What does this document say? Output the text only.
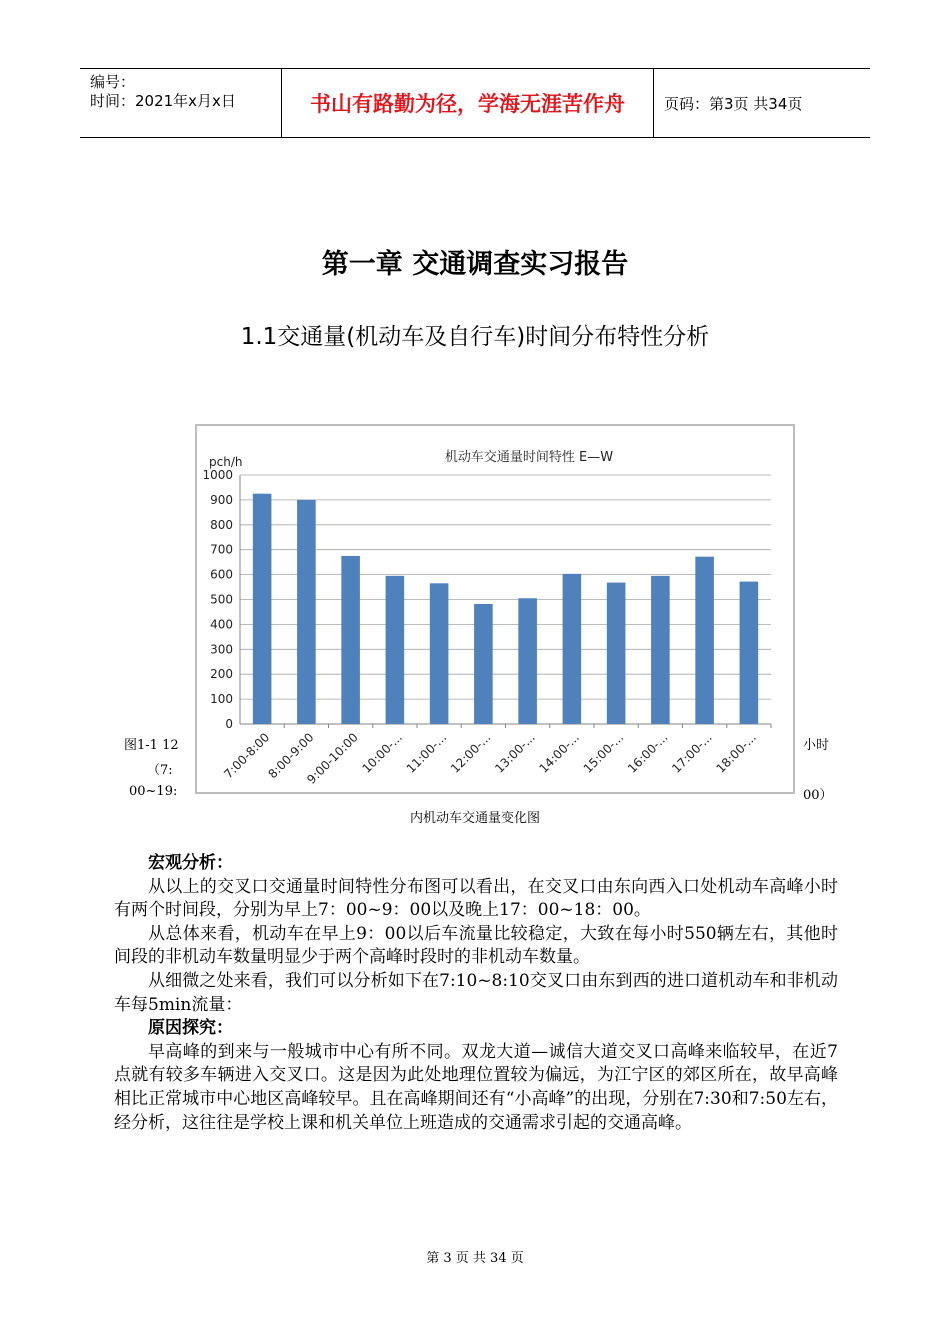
编号：
时间：2021年x月x日	书山有路勤为径，学海无涯苦作舟	页码：第3页 共34页
第一章 交通调查实习报告
1.1交通量(机动车及自行车)时间分布特性分析
图1-1 12
（7:
00~19:
小时
00）
机动车交通量时间特性 E—W
pch/h
0
100
200
300
400
500
600
700
800
900
1000
7:00-8:00
8:00-9:00
9:00-10:00
10:00-...
11:00-...
12:00-...
13:00-...
14:00-...
15:00-...
16:00-...
17:00-...
18:00-...
内机动车交通量变化图

宏观分析：

从以上的交叉口交通量时间特性分布图可以看出，在交叉口由东向西入口处机动车高峰小时有两个时间段，分别为早上7：00~9：00以及晚上17：00~18：00。

从总体来看，机动车在早上9：00以后车流量比较稳定，大致在每小时550辆左右，其他时间段的非机动车数量明显少于两个高峰时段时的非机动车数量。

从细微之处来看，我们可以分析如下在7:10~8:10交叉口由东到西的进口道机动车和非机动车每5min流量：

原因探究：

早高峰的到来与一般城市中心有所不同。双龙大道—诚信大道交叉口高峰来临较早，在近7点就有较多车辆进入交叉口。这是因为此处地理位置较为偏远，为江宁区的郊区所在，故早高峰相比正常城市中心地区高峰较早。且在高峰期间还有“小高峰”的出现，分别在7:30和7:50左右，经分析，这往往是学校上课和机关单位上班造成的交通需求引起的交通高峰。

第 3 页 共 34 页
